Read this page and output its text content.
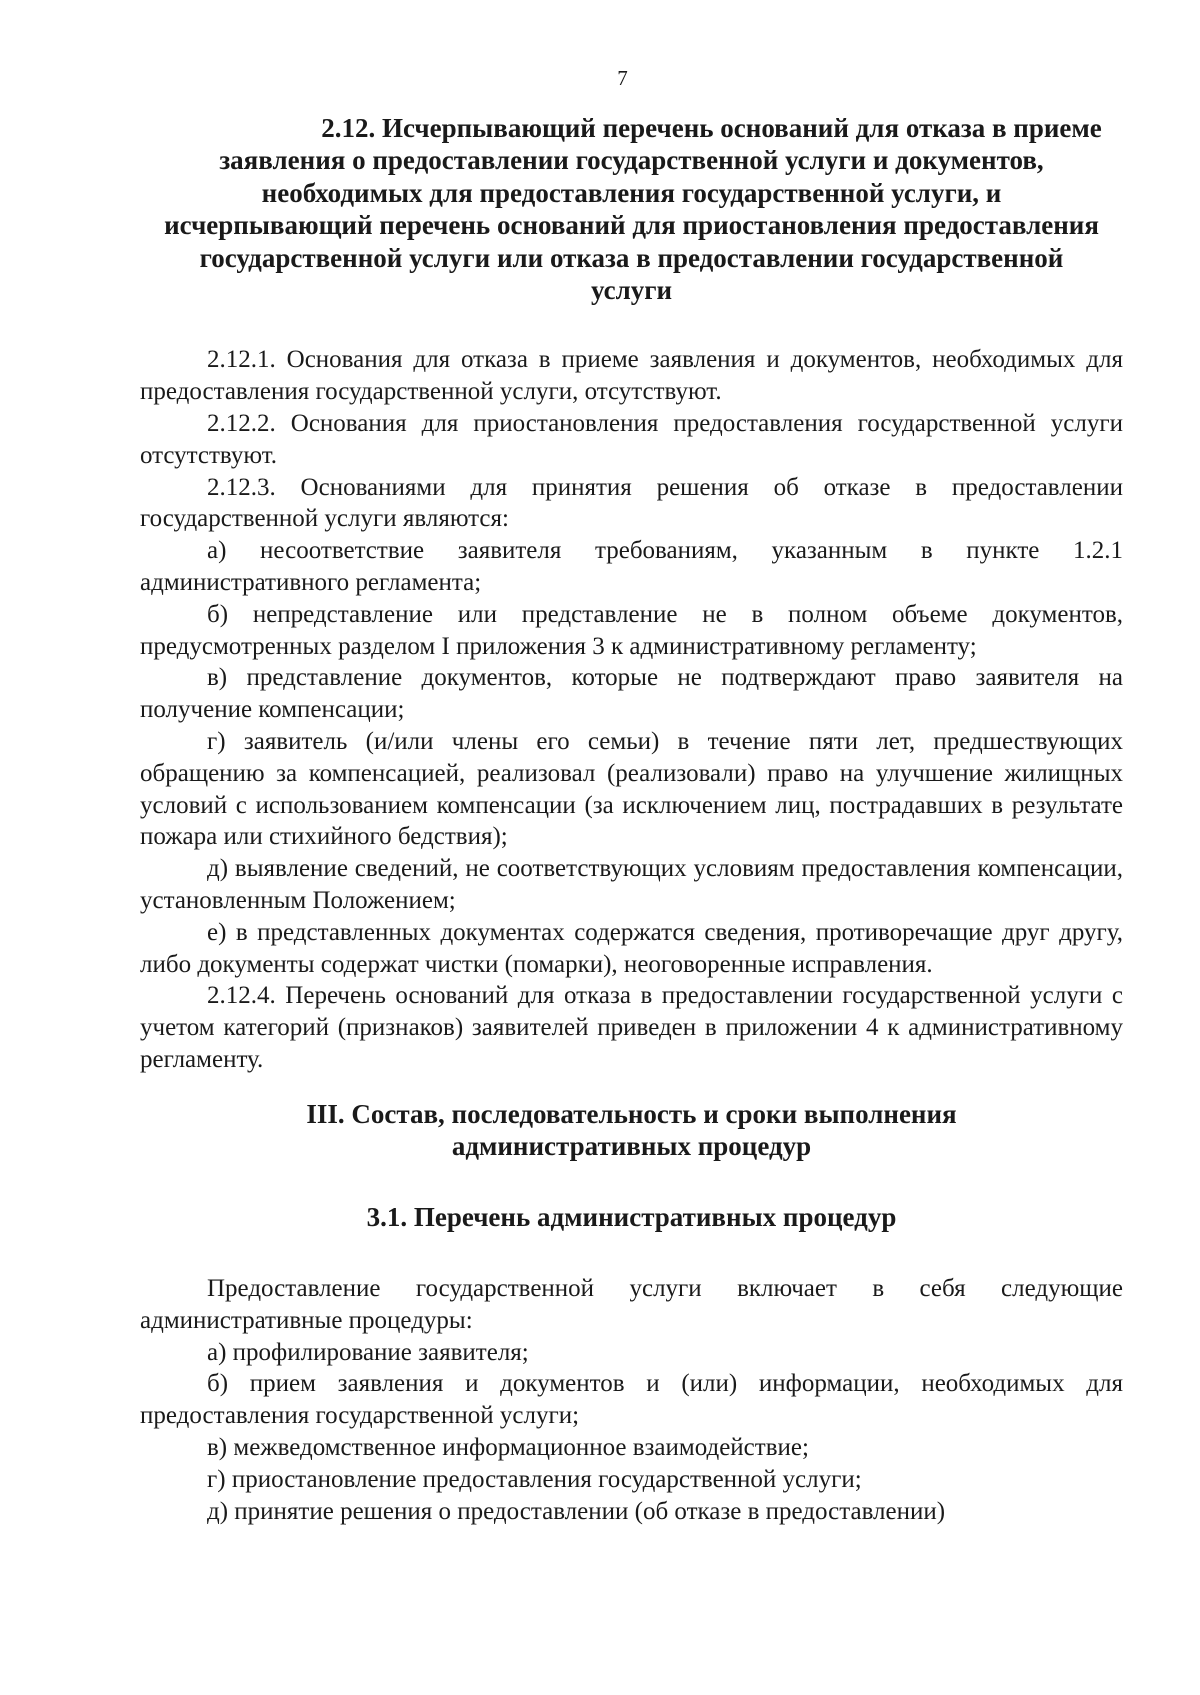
7
2.12. Исчерпывающий перечень оснований для отказа в приеме
заявления о предоставлении государственной услуги и документов,
необходимых для предоставления государственной услуги, и
исчерпывающий перечень оснований для приостановления предоставления
государственной услуги или отказа в предоставлении государственной
услуги

2.12.1. Основания для отказа в приеме заявления и документов, необходимых для предоставления государственной услуги, отсутствуют.

2.12.2. Основания для приостановления предоставления государственной услуги отсутствуют.

2.12.3. Основаниями для принятия решения об отказе в предоставлении государственной услуги являются:

а) несоответствие заявителя требованиям, указанным в пункте 1.2.1 административного регламента;

б) непредставление или представление не в полном объеме документов, предусмотренных разделом I приложения 3 к административному регламенту;

в) представление документов, которые не подтверждают право заявителя на получение компенсации;

г) заявитель (и/или члены его семьи) в течение пяти лет, предшествующих обращению за компенсацией, реализовал (реализовали) право на улучшение жилищных условий с использованием компенсации (за исключением лиц, пострадавших в результате пожара или стихийного бедствия);

д) выявление сведений, не соответствующих условиям предоставления компенсации, установленным Положением;

е) в представленных документах содержатся сведения, противоречащие друг другу, либо документы содержат чистки (помарки), неоговоренные исправления.

2.12.4. Перечень оснований для отказа в предоставлении государственной услуги с учетом категорий (признаков) заявителей приведен в приложении 4 к административному регламенту.

III. Состав, последовательность и сроки выполнения
административных процедур
3.1. Перечень административных процедур

Предоставление государственной услуги включает в себя следующие административные процедуры:

а) профилирование заявителя;

б) прием заявления и документов и (или) информации, необходимых для предоставления государственной услуги;

в) межведомственное информационное взаимодействие;

г) приостановление предоставления государственной услуги;

д) принятие решения о предоставлении (об отказе в предоставлении)
